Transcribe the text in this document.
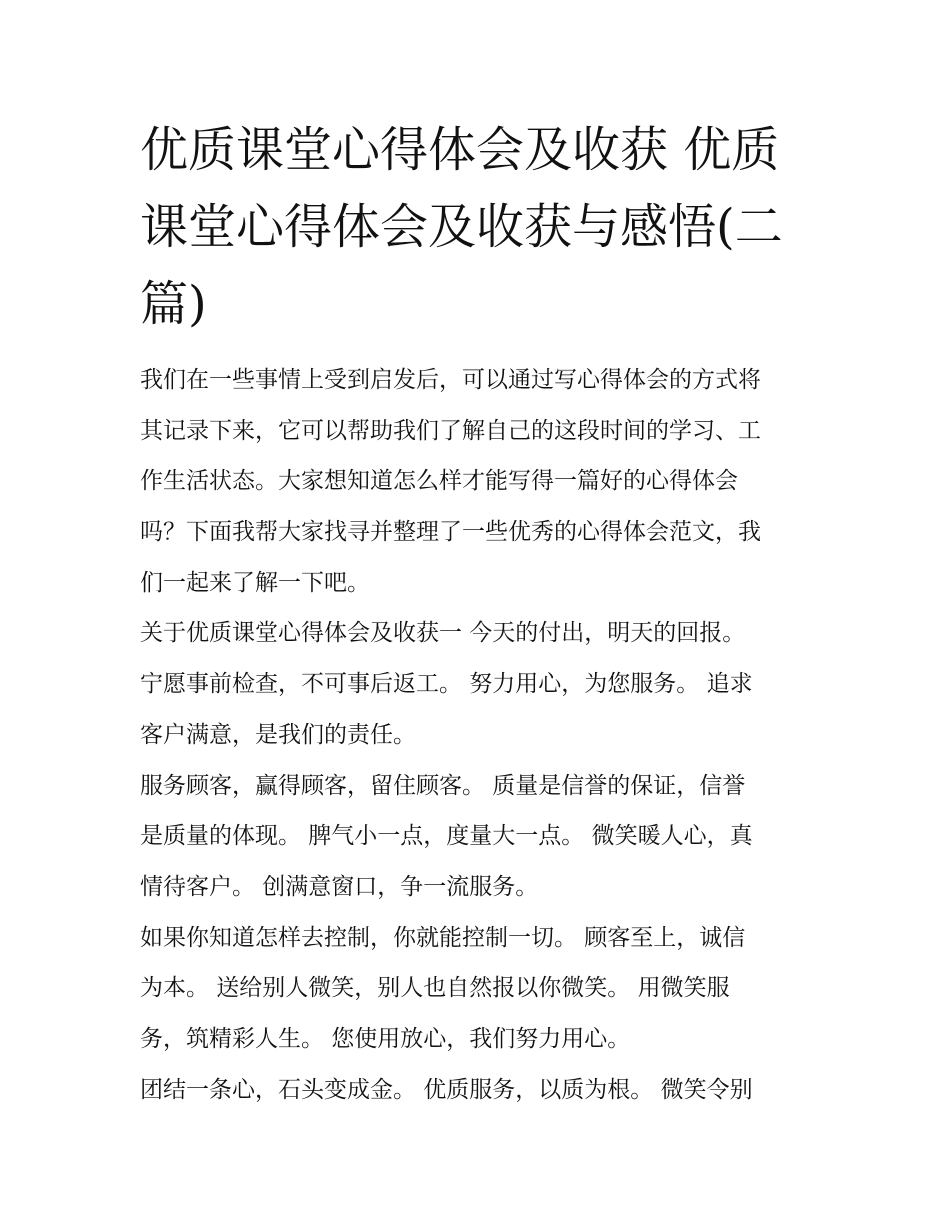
优质课堂心得体会及收获 优质
课堂心得体会及收获与感悟(二
篇)

我们在一些事情上受到启发后，可以通过写心得体会的方式将
其记录下来，它可以帮助我们了解自己的这段时间的学习、工
作生活状态。大家想知道怎么样才能写得一篇好的心得体会
吗？下面我帮大家找寻并整理了一些优秀的心得体会范文，我
们一起来了解一下吧。

关于优质课堂心得体会及收获一 今天的付出，明天的回报。
宁愿事前检查，不可事后返工。 努力用心，为您服务。 追求
客户满意，是我们的责任。

服务顾客，赢得顾客，留住顾客。 质量是信誉的保证，信誉
是质量的体现。 脾气小一点，度量大一点。 微笑暖人心，真
情待客户。 创满意窗口，争一流服务。

如果你知道怎样去控制，你就能控制一切。 顾客至上，诚信
为本。 送给别人微笑，别人也自然报以你微笑。 用微笑服
务，筑精彩人生。 您使用放心，我们努力用心。

团结一条心，石头变成金。 优质服务，以质为根。 微笑令别
